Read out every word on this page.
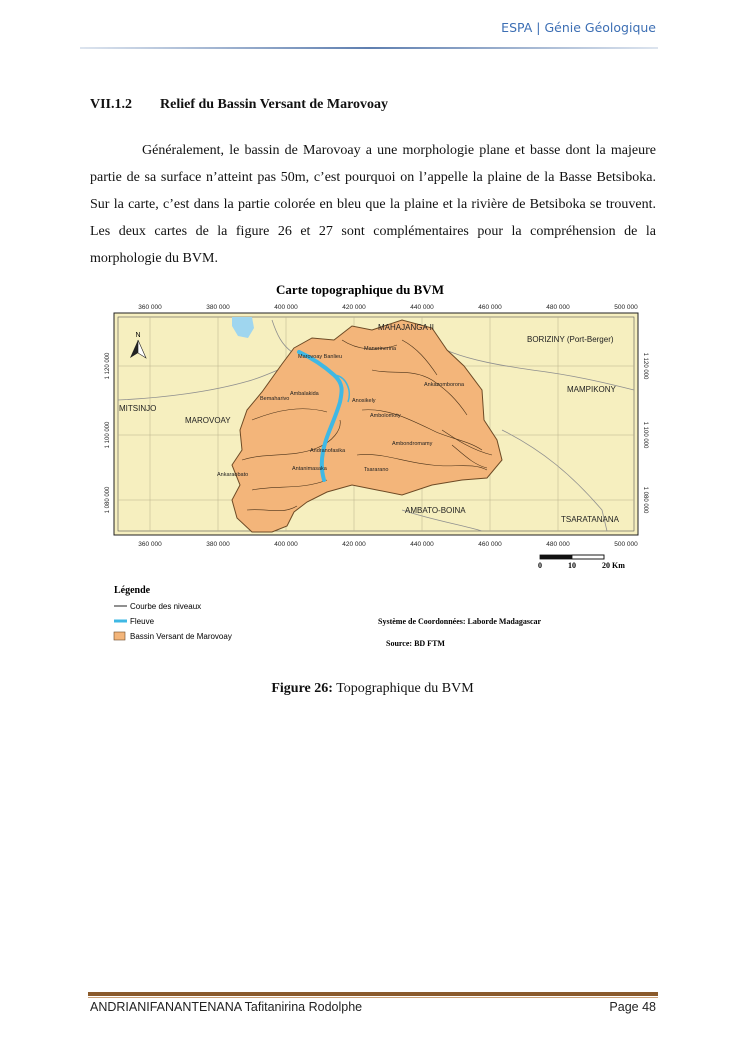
ESPA | Génie Géologique
VII.1.2 Relief du Bassin Versant de Marovoay

Généralement, le bassin de Marovoay a une morphologie plane et basse dont la majeure partie de sa surface n’atteint pas 50m, c’est pourquoi on l’appelle la plaine de la Basse Betsiboka. Sur la carte, c’est dans la partie colorée en bleu que la plaine et la rivière de Betsiboka se trouvent. Les deux cartes de la figure 26 et 27 sont complémentaires pour la compréhension de la morphologie du BVM.

Carte topographique du BVM
360 000	380 000	400 000	420 000	440 000	460 000	480 000	500 000
MAHAJANGA II
BORIZINY (Port-Berger)
MAMPIKONY
MITSINJO
MAROVOAY
AMBATO-BOINA
TSARATANANA
Marovoay Banlieu
Ambalakida
Ambolomoty
Ankazomborona
Manerinerina
Bemaharivo
Tsararano
Ankaraobato
Anosikely
Ambondromamy
Antanimasaka
Andranofasika
N
1 120 000
1 100 000
1 080 000
1 120 000
1 100 000
1 080 000
360 000	380 000	400 000	420 000	440 000	460 000	480 000	500 000
0	10	20 Km
Légende
Courbe des niveaux
Fleuve
Bassin Versant de Marovoay
Système de Coordonnées: Laborde Madagascar
Source: BD FTM
Figure 26: Topographique du BVM
ANDRIANIFANANTENANA Tafitanirina Rodolphe	Page 48
